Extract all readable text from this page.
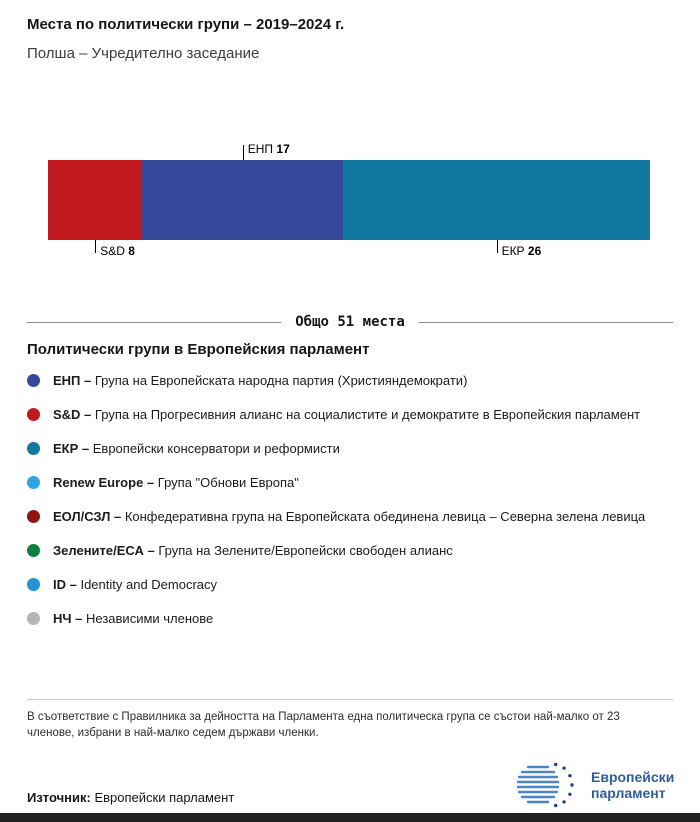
Места по политически групи – 2019–2024 г.
Полша – Учредително заседание
S&D 8
ЕНП 17
ЕКР 26
Общо 51 места
Политически групи в Европейския парламент
ЕНП – Група на Европейската народна партия (Християндемократи)
S&D – Група на Прогресивния алианс на социалистите и демократите в Европейския парламент
ЕКР – Европейски консерватори и реформисти
Renew Europe – Група "Обнови Европа"
ЕОЛ/СЗЛ – Конфедеративна група на Европейската обединена левица – Северна зелена левица
Зелените/ЕСА – Група на Зелените/Европейски свободен алианс
ID – Identity and Democracy
НЧ – Независими членове
В съответствие с Правилника за дейността на Парламента една политическа група се състои най-малко от 23 членове, избрани в най-малко седем държави членки.
Източник: Европейски парламент
Европейски
парламент
